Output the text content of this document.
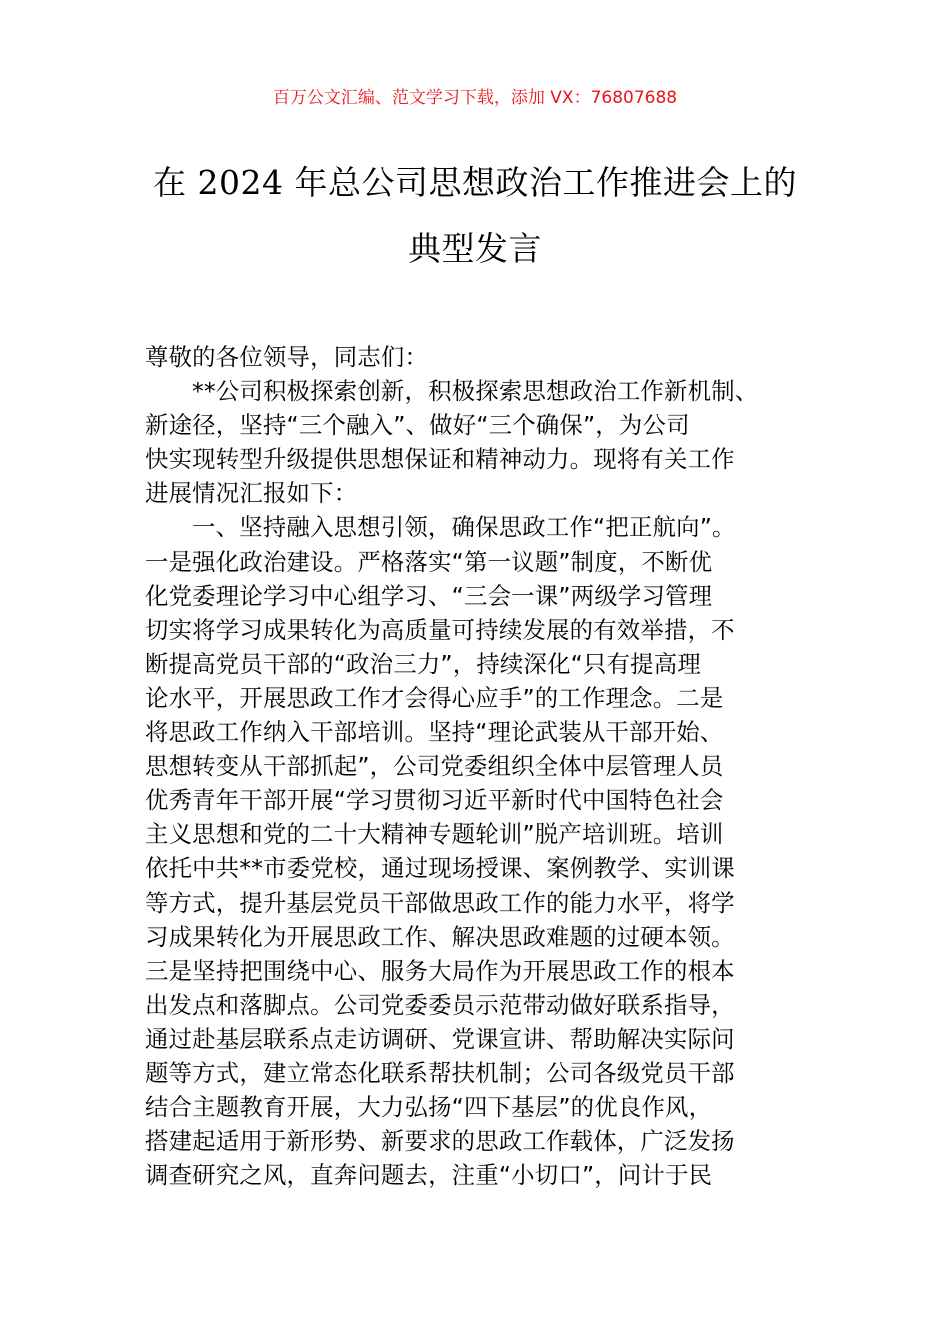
百万公文汇编、范文学习下载，添加 VX：76807688
在 2024 年总公司思想政治工作推进会上的
典型发言
尊敬的各位领导，同志们：
**公司积极探索创新，积极探索思想政治工作新机制、
新途径，坚持“三个融入”、做好“三个确保”，为公司
快实现转型升级提供思想保证和精神动力。现将有关工作
进展情况汇报如下：
一、坚持融入思想引领，确保思政工作“把正航向”。
一是强化政治建设。严格落实“第一议题”制度，不断优
化党委理论学习中心组学习、“三会一课”两级学习管理
切实将学习成果转化为高质量可持续发展的有效举措，不
断提高党员干部的“政治三力”，持续深化“只有提高理
论水平，开展思政工作才会得心应手”的工作理念。二是
将思政工作纳入干部培训。坚持“理论武装从干部开始、
思想转变从干部抓起”，公司党委组织全体中层管理人员
优秀青年干部开展“学习贯彻习近平新时代中国特色社会
主义思想和党的二十大精神专题轮训”脱产培训班。培训
依托中共**市委党校，通过现场授课、案例教学、实训课
等方式，提升基层党员干部做思政工作的能力水平，将学
习成果转化为开展思政工作、解决思政难题的过硬本领。
三是坚持把围绕中心、服务大局作为开展思政工作的根本
出发点和落脚点。公司党委委员示范带动做好联系指导，
通过赴基层联系点走访调研、党课宣讲、帮助解决实际问
题等方式，建立常态化联系帮扶机制；公司各级党员干部
结合主题教育开展，大力弘扬“四下基层”的优良作风，
搭建起适用于新形势、新要求的思政工作载体，广泛发扬
调查研究之风，直奔问题去，注重“小切口”，问计于民
